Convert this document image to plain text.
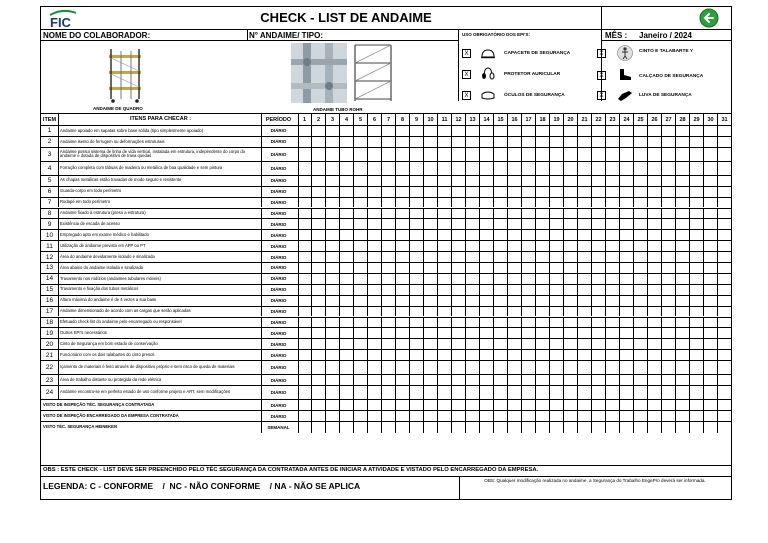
FIC	CHECK - LIST DE ANDAIME
NOME DO COLABORADOR:	N° ANDAIME/ TIPO:	USO OBRIGATÓRIO DOS EPI'S:	MÊS : Janeiro / 2024
ANDAIME DE QUADRO	ANDAIME TUBO ROHR
X	CAPACETE DE SEGURANÇA
X	PROTETOR AURICULAR
X	ÓCULOS DE SEGURANÇA
X	CINTO E TALABARTE Y
X	CALÇADO DE SEGURANÇA
X	LUVA DE SEGURANÇA
ITEM	ITENS PARA CHECAR :	PERÍODO	1	2	3	4	5	6	7	8	9	10	11	12	13	14	15	16	17	18	19	20	21	22	23	24	25	26	27	28	29	30	31
1	Andaime apoiado em sapatas sobre base sólida (tipo simplesmente apoiado)	DIÁRIO
2	Andaime isento de ferrugem ou deformações estruturais	DIÁRIO
3	Andaime possui sistema de linha de vida vertical, instalada em estrutura, independente do corpo do andaime e dotada de dispositivo de trava quedas	DIÁRIO
4	Forração completa com tábuas de madeira ou metálica de boa qualidade e sem pintura	DIÁRIO
5	As chapas metálicas estão travadas de modo seguro e resistente	DIÁRIO
6	Guarda-corpo em todo perímetro	DIÁRIO
7	Rodapé em todo perímetro	DIÁRIO
8	Andaime fixado à estrutura (preso a estrutura)	DIÁRIO
9	Existência de escada de acesso	DIÁRIO
10	Empregado apto em exame médico e habilitado	DIÁRIO
11	Utilização de andaime previsto em APP ou PT	DIÁRIO
12	Área do andaime devidamente isolado e sinalizada	DIÁRIO
13	Área abaixo do andaime isolada e sinalizada	DIÁRIO
14	Travamento nos rodízios (andaimes tubulares móveis)	DIÁRIO
15	Travamento e fixação dos tubos metálicos	DIÁRIO
16	Altura máxima do andaime é de 4 vezes a sua base	DIÁRIO
17	Andaime dimensionado de acordo com as cargas que serão aplicadas	DIÁRIO
18	Efetuado check list do andaime pelo encarregado ou responsável	DIÁRIO
19	Outros EPI's necessários	DIÁRIO
20	Cinto de Segurança em bom estado de conservação	DIÁRIO
21	Funcionário com os dois talabartes do cinto presos	DIÁRIO
22	Içamento de materiais é feito através de dispositivo próprio e sem risco de queda de materiais	DIÁRIO
23	Área de trabalho distante ou protegida da rede elétrica	DIÁRIO
24	Andaime encontra-se em perfeito estado de uso conforme projeto e ART, sem modificações	DIÁRIO
VISTO DE INSPEÇÃO TÉC. SEGURANÇA CONTRATADA	DIÁRIO
VISTO DE INSPEÇÃO ENCARREGADO DA EMPRESA CONTRATADA	DIÁRIO
VISTO TÉC. SEGURANÇA HEINEKEN	SEMANAL
OBS : ESTE CHECK - LIST DEVE SER PREENCHIDO PELO TÉC SEGURANÇA DA CONTRATADA ANTES DE INICIAR A ATIVIDADE E VISTADO PELO ENCARREGADO DA EMPRESA.
LEGENDA: C - CONFORME    /  NC - NÃO CONFORME    / NA - NÃO SE APLICA
OBS: Qualquer modificação realizada no andaime, a Segurança do Trabalho EngePro deverá ser informada.
